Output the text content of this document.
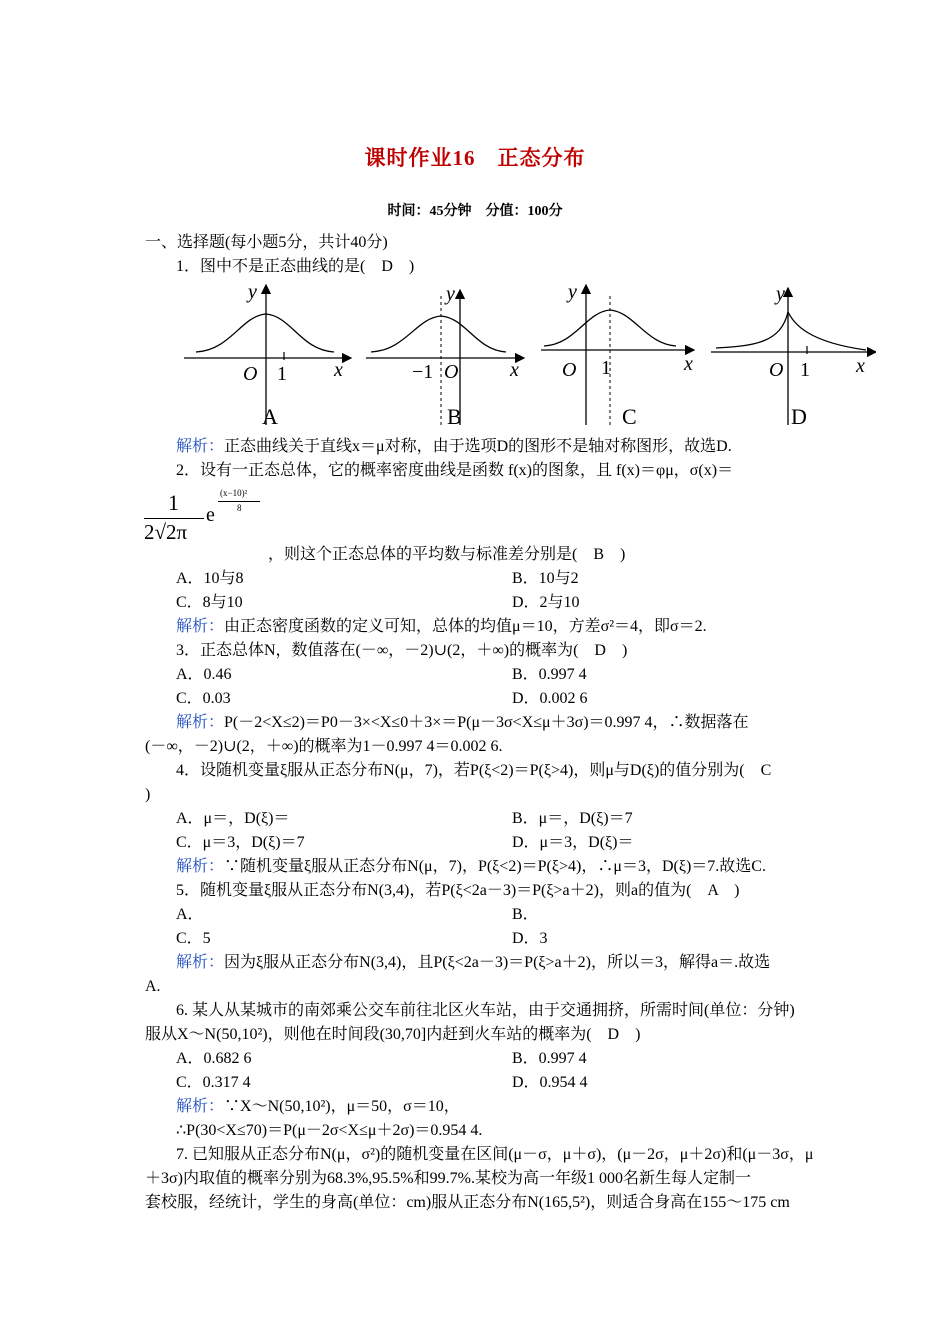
课时作业16　正态分布
时间：45分钟　分值：100分
一、选择题(每小题5分，共计40分)
1．图中不是正态曲线的是(　D　)
y
O	x
y
O	x
y
O	x
y
O	x
1	−1	1	1
A	B	C	D
解析：正态曲线关于直线x＝μ对称，由于选项D的图形不是轴对称图形，故选D.
2．设有一正态总体，它的概率密度曲线是函数 f(x)的图象，且 f(x)＝φμ，σ(x)＝
1
2√2π
e
(x−10)²
8
，则这个正态总体的平均数与标准差分别是(　B　)
A．10与8	B．10与2
C．8与10	D．2与10
解析：由正态密度函数的定义可知，总体的均值μ＝10，方差σ²＝4，即σ＝2.
3．正态总体N，数值落在(－∞，－2)∪(2，＋∞)的概率为(　D　)
A．0.46	B．0.997 4
C．0.03	D．0.002 6
解析：P(－2<X≤2)＝P0－3×<X≤0＋3×＝P(μ－3σ<X≤μ＋3σ)＝0.997 4，∴数据落在
(－∞，－2)∪(2，＋∞)的概率为1－0.997 4＝0.002 6.
4．设随机变量ξ服从正态分布N(μ，7)，若P(ξ<2)＝P(ξ>4)，则μ与D(ξ)的值分别为(　C
)
A．μ＝，D(ξ)＝	B．μ＝，D(ξ)＝7
C．μ＝3，D(ξ)＝7	D．μ＝3，D(ξ)＝
解析：∵随机变量ξ服从正态分布N(μ，7)，P(ξ<2)＝P(ξ>4)，∴μ＝3，D(ξ)＝7.故选C.
5．随机变量ξ服从正态分布N(3,4)，若P(ξ<2a－3)＝P(ξ>a＋2)，则a的值为(　A　)
A．	B．
C．5	D．3
解析：因为ξ服从正态分布N(3,4)，且P(ξ<2a－3)＝P(ξ>a＋2)，所以＝3，解得a＝.故选
A.
6. 某人从某城市的南郊乘公交车前往北区火车站，由于交通拥挤，所需时间(单位：分钟)
服从X～N(50,10²)，则他在时间段(30,70]内赶到火车站的概率为(　D　)
A．0.682 6	B．0.997 4
C．0.317 4	D．0.954 4
解析：∵X～N(50,10²)，μ＝50，σ＝10，
∴P(30<X≤70)＝P(μ－2σ<X≤μ＋2σ)＝0.954 4.
7. 已知服从正态分布N(μ，σ²)的随机变量在区间(μ－σ，μ＋σ)，(μ－2σ，μ＋2σ)和(μ－3σ，μ
＋3σ)内取值的概率分别为68.3%,95.5%和99.7%.某校为高一年级1 000名新生每人定制一
套校服，经统计，学生的身高(单位：cm)服从正态分布N(165,5²)，则适合身高在155～175 cm
